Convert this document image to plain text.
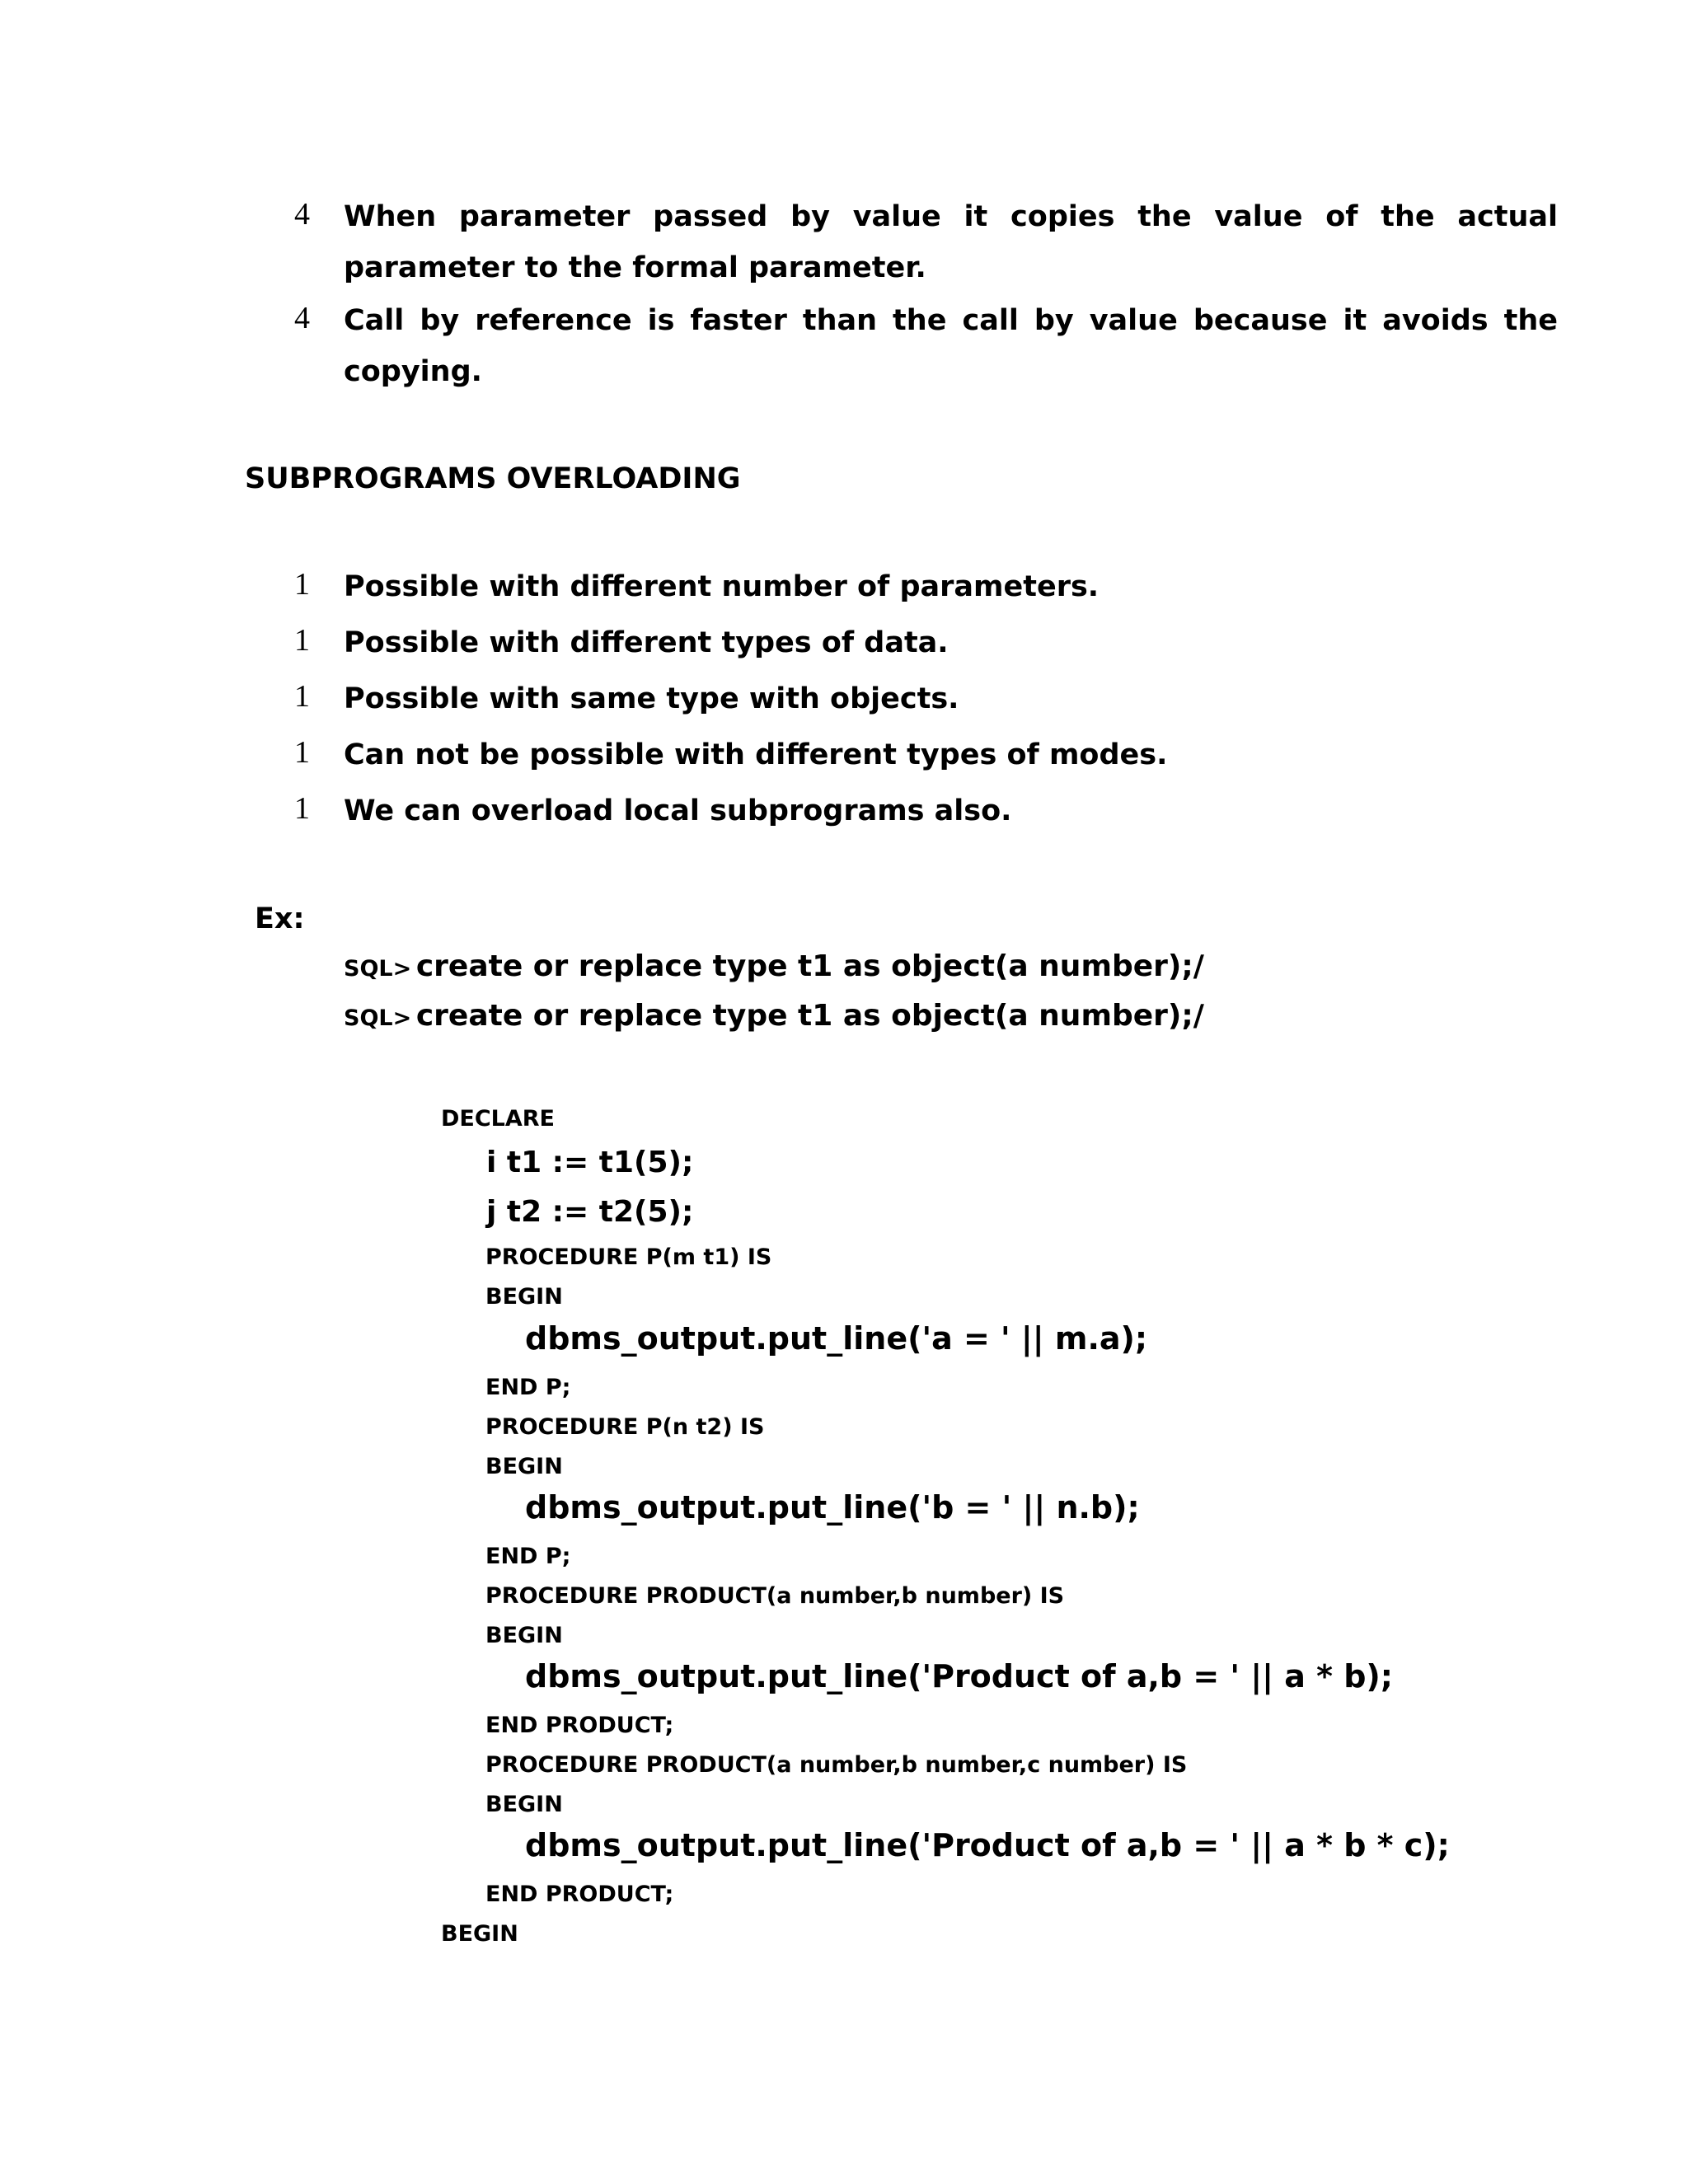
4 When parameter passed by value it copies the value of the actual
parameter to the formal parameter.
4 Call by reference is faster than the call by value because it avoids the
copying.
SUBPROGRAMS OVERLOADING
1 Possible with different number of parameters.
1 Possible with different types of data.
1 Possible with same type with objects.
1 Can not be possible with different types of modes.
1 We can overload local subprograms also.
Ex:
SQL> create or replace type t1 as object(a number);/
SQL> create or replace type t1 as object(a number);/
DECLARE
i t1 := t1(5);
j t2 := t2(5);
PROCEDURE P(m t1) IS
BEGIN
dbms_output.put_line('a = ' || m.a);
END P;
PROCEDURE P(n t2) IS
BEGIN
dbms_output.put_line('b = ' || n.b);
END P;
PROCEDURE PRODUCT(a number,b number) IS
BEGIN
dbms_output.put_line('Product of a,b = ' || a * b);
END PRODUCT;
PROCEDURE PRODUCT(a number,b number,c number) IS
BEGIN
dbms_output.put_line('Product of a,b = ' || a * b * c);
END PRODUCT;
BEGIN
